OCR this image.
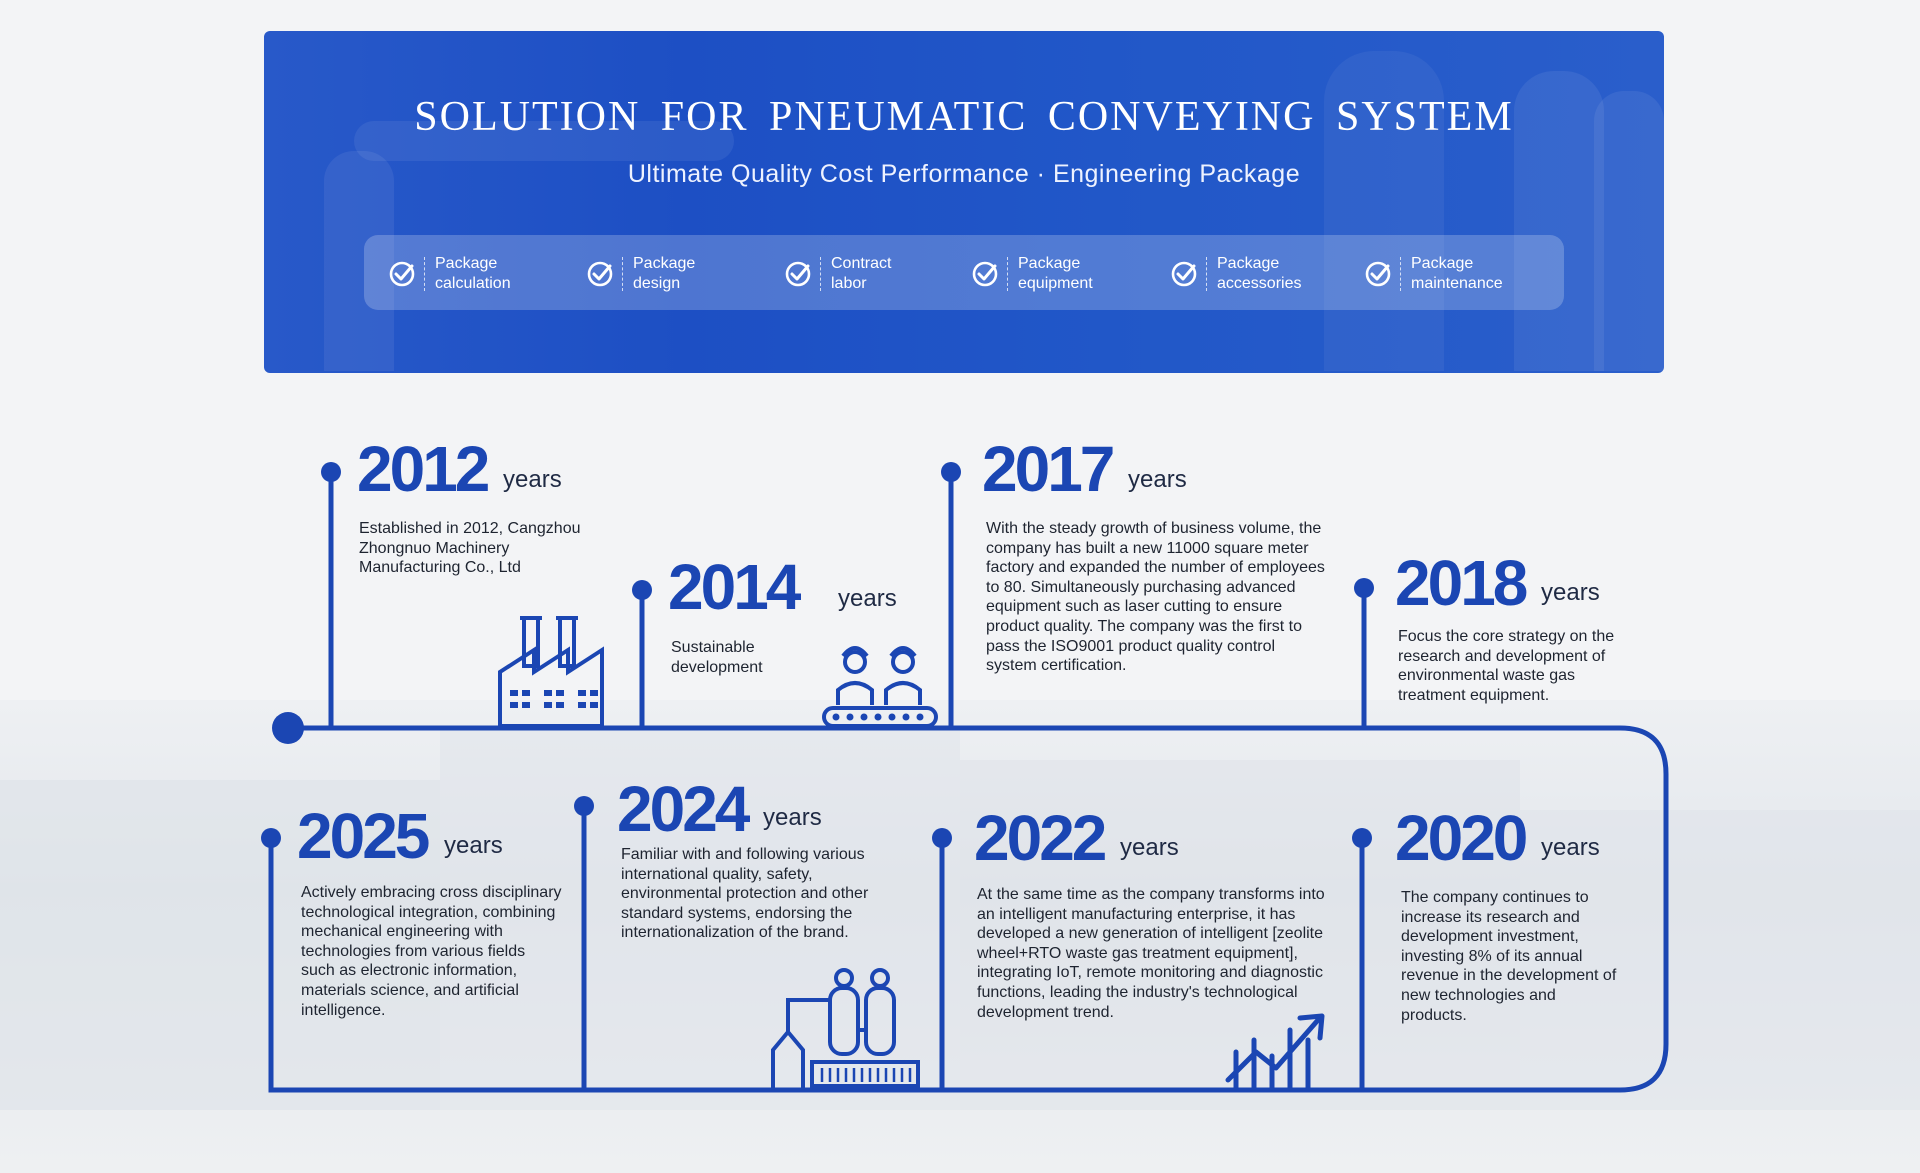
SOLUTION FOR PNEUMATIC CONVEYING SYSTEM
Ultimate Quality Cost Performance · Engineering Package
Package
calculation
Package
design
Contract
labor
Package
equipment
Package
accessories
Package
maintenance
2012 years
Established in 2012, Cangzhou Zhongnuo Machinery Manufacturing Co., Ltd	2014 years
Sustainable development
2017 years
With the steady growth of business volume, the company has built a new 11000 square meter factory and expanded the number of employees to 80. Simultaneously purchasing advanced equipment such as laser cutting to ensure product quality. The company was the first to pass the ISO9001 product quality control system certification.
2018 years
Focus the core strategy on the research and development of environmental waste gas treatment equipment.
2025 years
Actively embracing cross disciplinary technological integration, combining mechanical engineering with technologies from various fields such as electronic information, materials science, and artificial intelligence.
2024 years
Familiar with and following various international quality, safety, environmental protection and other standard systems, endorsing the internationalization of the brand.
2022 years
At the same time as the company transforms into an intelligent manufacturing enterprise, it has developed a new generation of intelligent [zeolite wheel+RTO waste gas treatment equipment], integrating IoT, remote monitoring and diagnostic functions, leading the industry's technological development trend.
2020 years
The company continues to increase its research and development investment, investing 8% of its annual revenue in the development of new technologies and products.
